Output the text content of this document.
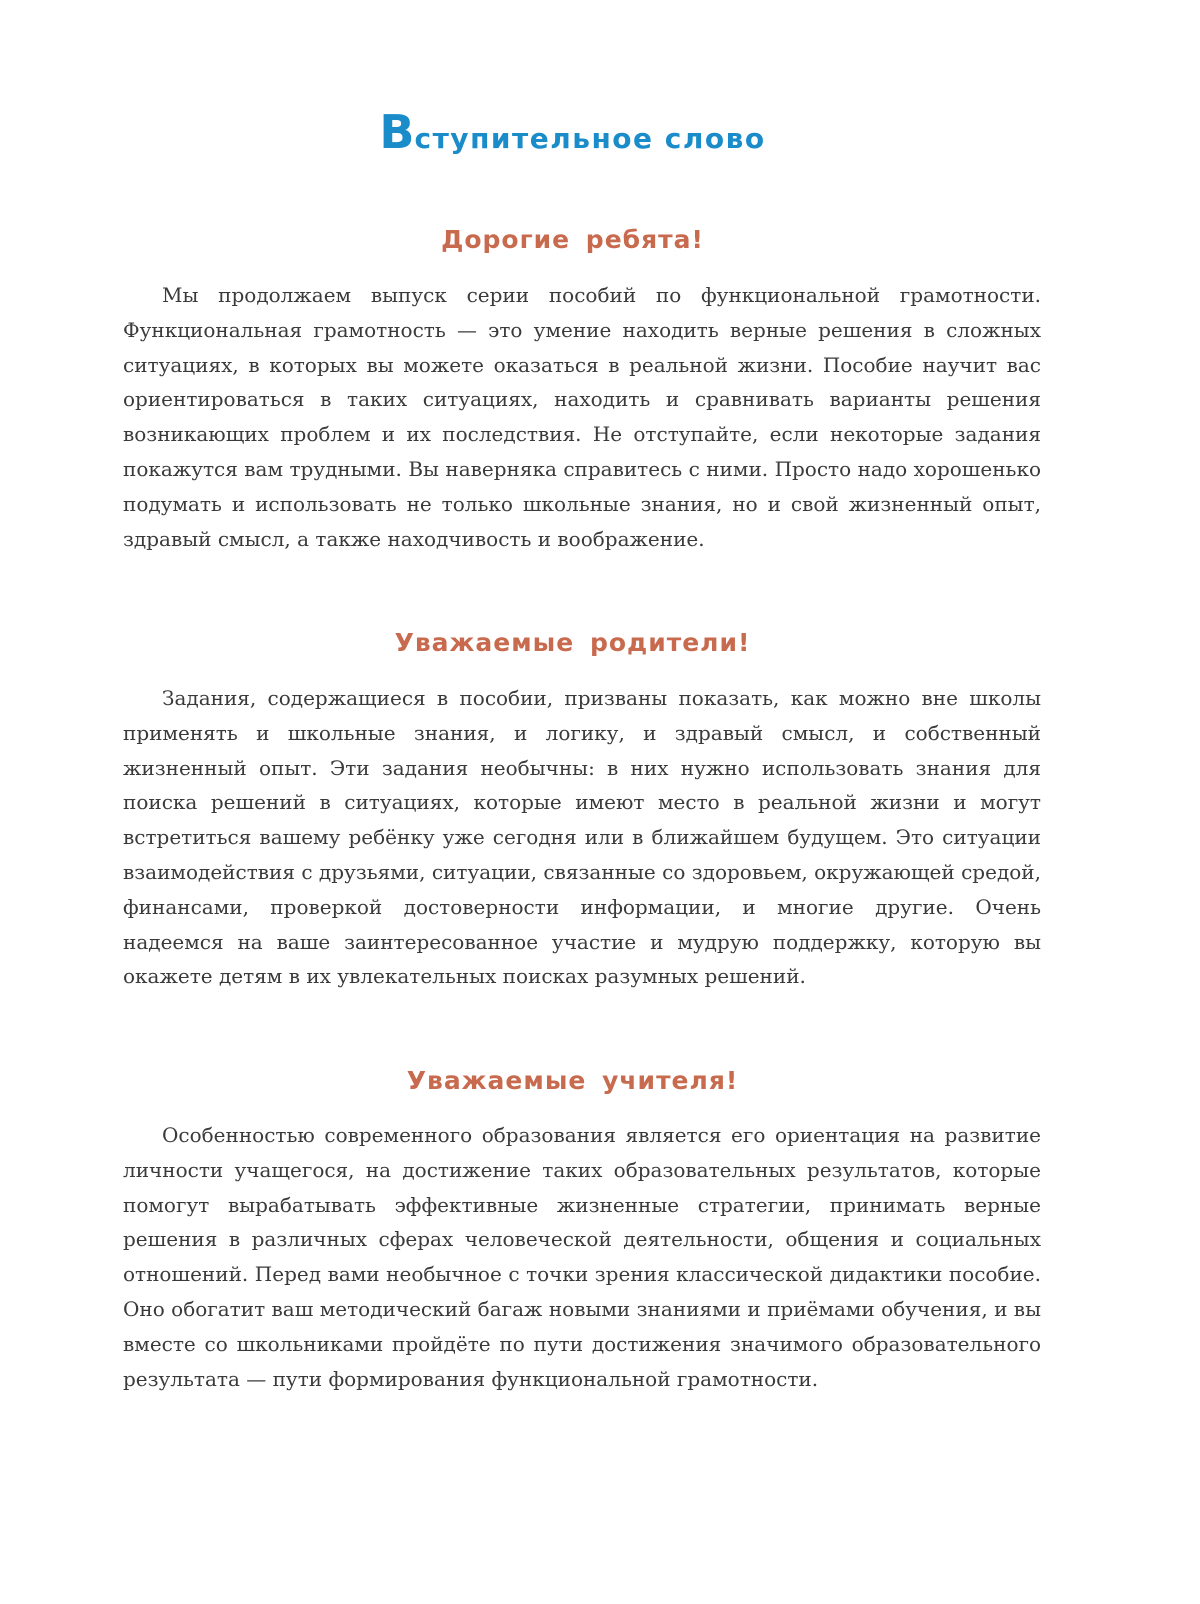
Вступительное слово
Дорогие ребята!

Мы продолжаем выпуск серии пособий по функциональной грамотности. Функциональная грамотность — это умение находить верные решения в сложных ситуациях, в которых вы можете оказаться в реальной жизни. Пособие научит вас ориентироваться в таких ситуациях, находить и сравнивать варианты решения возникающих проблем и их последствия. Не отступайте, если некоторые задания покажутся вам трудными. Вы наверняка справитесь с ними. Просто надо хорошенько подумать и использовать не только школьные знания, но и свой жизненный опыт, здравый смысл, а также находчивость и воображение.

Уважаемые родители!

Задания, содержащиеся в пособии, призваны показать, как можно вне школы применять и школьные знания, и логику, и здравый смысл, и собственный жизненный опыт. Эти задания необычны: в них нужно использовать знания для поиска решений в ситуациях, которые имеют место в реальной жизни и могут встретиться вашему ребёнку уже сегодня или в ближайшем будущем. Это ситуации взаимодействия с друзьями, ситуации, связанные со здоровьем, окружающей средой, финансами, проверкой достоверности информации, и многие другие. Очень надеемся на ваше заинтересованное участие и мудрую поддержку, которую вы окажете детям в их увлекательных поисках разумных решений.

Уважаемые учителя!

Особенностью современного образования является его ориентация на развитие личности учащегося, на достижение таких образовательных результатов, которые помогут вырабатывать эффективные жизненные стратегии, принимать верные решения в различных сферах человеческой деятельности, общения и социальных отношений. Перед вами необычное с точки зрения классической дидактики пособие. Оно обогатит ваш методический багаж новыми знаниями и приёмами обучения, и вы вместе со школьниками пройдёте по пути достижения значимого образовательного результата — пути формирования функциональной грамотности.
